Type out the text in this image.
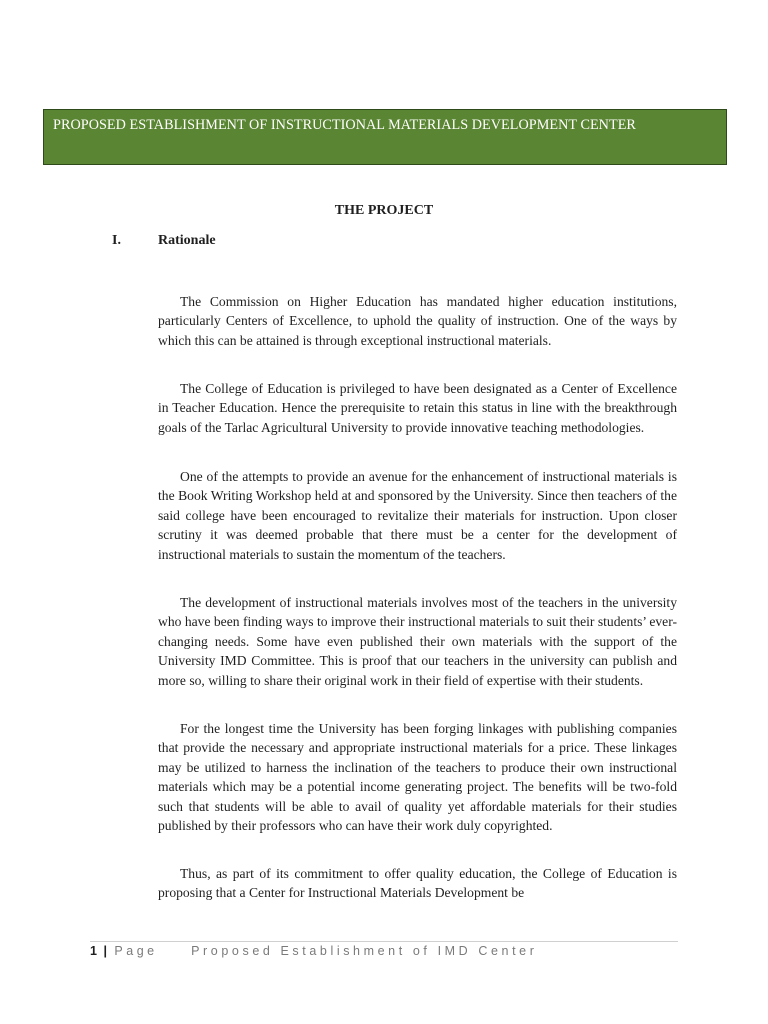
PROPOSED ESTABLISHMENT OF INSTRUCTIONAL MATERIALS DEVELOPMENT CENTER
THE PROJECT
I.	Rationale

The Commission on Higher Education has mandated higher education institutions, particularly Centers of Excellence, to uphold the quality of instruction. One of the ways by which this can be attained is through exceptional instructional materials.

The College of Education is privileged to have been designated as a Center of Excellence in Teacher Education. Hence the prerequisite to retain this status in line with the breakthrough goals of the Tarlac Agricultural University to provide innovative teaching methodologies.

One of the attempts to provide an avenue for the enhancement of instructional materials is the Book Writing Workshop held at and sponsored by the University. Since then teachers of the said college have been encouraged to revitalize their materials for instruction. Upon closer scrutiny it was deemed probable that there must be a center for the development of instructional materials to sustain the momentum of the teachers.

The development of instructional materials involves most of the teachers in the university who have been finding ways to improve their instructional materials to suit their students’ ever-changing needs. Some have even published their own materials with the support of the University IMD Committee. This is proof that our teachers in the university can publish and more so, willing to share their original work in their field of expertise with their students.

For the longest time the University has been forging linkages with publishing companies that provide the necessary and appropriate instructional materials for a price. These linkages may be utilized to harness the inclination of the teachers to produce their own instructional materials which may be a potential income generating project. The benefits will be two-fold such that students will be able to avail of quality yet affordable materials for their studies published by their professors who can have their work duly copyrighted.

Thus, as part of its commitment to offer quality education, the College of Education is proposing that a Center for Instructional Materials Development be

1 | Page	Proposed Establishment of IMD Center
